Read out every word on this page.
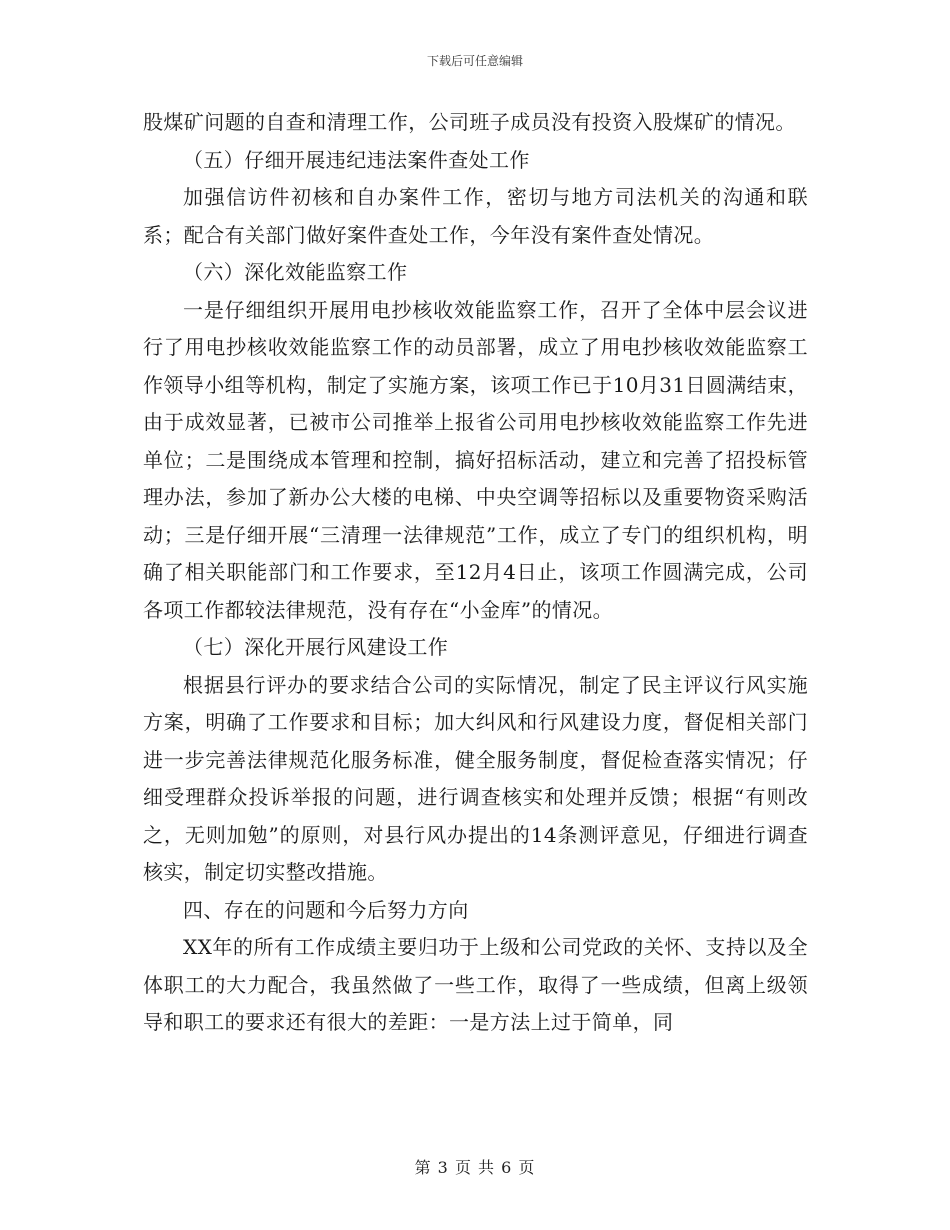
下载后可任意编辑

股煤矿问题的自查和清理工作，公司班子成员没有投资入股煤矿的情况。

（五）仔细开展违纪违法案件查处工作

加强信访件初核和自办案件工作，密切与地方司法机关的沟通和联系；配合有关部门做好案件查处工作，今年没有案件查处情况。

（六）深化效能监察工作

一是仔细组织开展用电抄核收效能监察工作，召开了全体中层会议进行了用电抄核收效能监察工作的动员部署，成立了用电抄核收效能监察工作领导小组等机构，制定了实施方案，该项工作已于10月31日圆满结束，由于成效显著，已被市公司推举上报省公司用电抄核收效能监察工作先进单位；二是围绕成本管理和控制，搞好招标活动，建立和完善了招投标管理办法，参加了新办公大楼的电梯、中央空调等招标以及重要物资采购活动；三是仔细开展“三清理一法律规范”工作，成立了专门的组织机构，明确了相关职能部门和工作要求，至12月4日止，该项工作圆满完成，公司各项工作都较法律规范，没有存在“小金库”的情况。

（七）深化开展行风建设工作

根据县行评办的要求结合公司的实际情况，制定了民主评议行风实施方案，明确了工作要求和目标；加大纠风和行风建设力度，督促相关部门进一步完善法律规范化服务标准，健全服务制度，督促检查落实情况；仔细受理群众投诉举报的问题，进行调查核实和处理并反馈；根据“有则改之，无则加勉”的原则，对县行风办提出的14条测评意见，仔细进行调查核实，制定切实整改措施。

四、存在的问题和今后努力方向

XX年的所有工作成绩主要归功于上级和公司党政的关怀、支持以及全体职工的大力配合，我虽然做了一些工作，取得了一些成绩，但离上级领导和职工的要求还有很大的差距：一是方法上过于简单，同

第 3 页 共 6 页
